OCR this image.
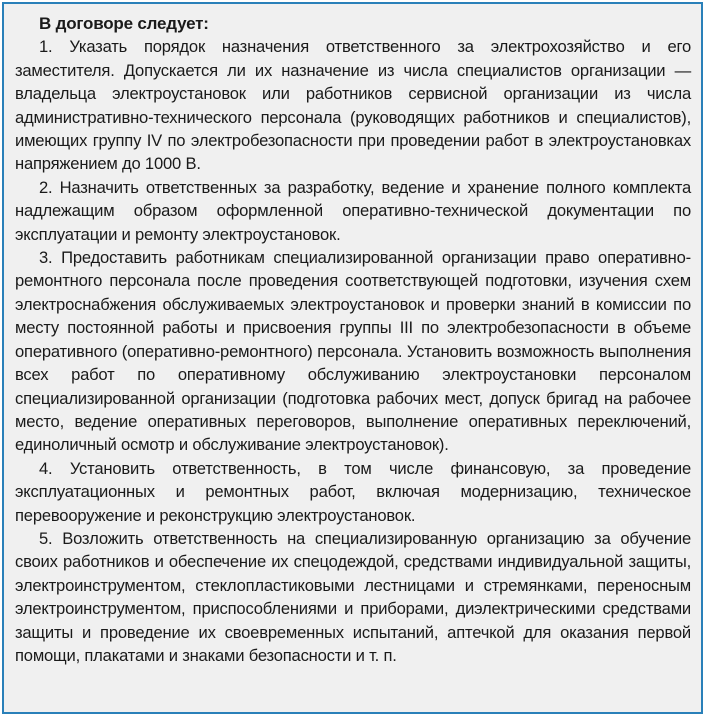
В договоре следует:

1. Указать порядок назначения ответственного за электрохозяйство и его заместителя. Допускается ли их назначение из числа специалистов организации — владельца электроустановок или работников сервисной организации из числа административно-технического персонала (руководящих работников и специалистов), имеющих группу IV по электробезопасности при проведении работ в электроустановках напряжением до 1000 В.

2. Назначить ответственных за разработку, ведение и хранение полного комплекта надлежащим образом оформленной оперативно-технической документации по эксплуатации и ремонту электроустановок.

3. Предоставить работникам специализированной организации право оперативно-ремонтного персонала после проведения соответствующей подготовки, изучения схем электроснабжения обслуживаемых электроустановок и проверки знаний в комиссии по месту постоянной работы и присвоения группы III по электробезопасности в объеме оперативного (оперативно-ремонтного) персонала. Установить возможность выполнения всех работ по оперативному обслуживанию электроустановки персоналом специализированной организации (подготовка рабочих мест, допуск бригад на рабочее место, ведение оперативных переговоров, выполнение оперативных переключений, единоличный осмотр и обслуживание электроустановок).

4. Установить ответственность, в том числе финансовую, за проведение эксплуатационных и ремонтных работ, включая модернизацию, техническое перевооружение и реконструкцию электроустановок.

5. Возложить ответственность на специализированную организацию за обучение своих работников и обеспечение их спецодеждой, средствами индивидуальной защиты, электроинструментом, стеклопластиковыми лестницами и стремянками, переносным электроинструментом, приспособлениями и приборами, диэлектрическими средствами защиты и проведение их своевременных испытаний, аптечкой для оказания первой помощи, плакатами и знаками безопасности и т. п.
